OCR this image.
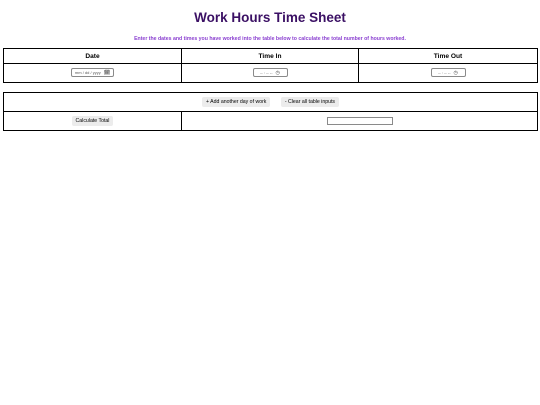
Work Hours Time Sheet
Enter the dates and times you have worked into the table below to calculate the total number of hours worked.
Date	Time In	Time Out
mm / dd / yyyy 🗓	-- : -- -- ◷	-- : -- -- ◷
+ Add another day of work	- Clear all table inputs
Calculate Total	
